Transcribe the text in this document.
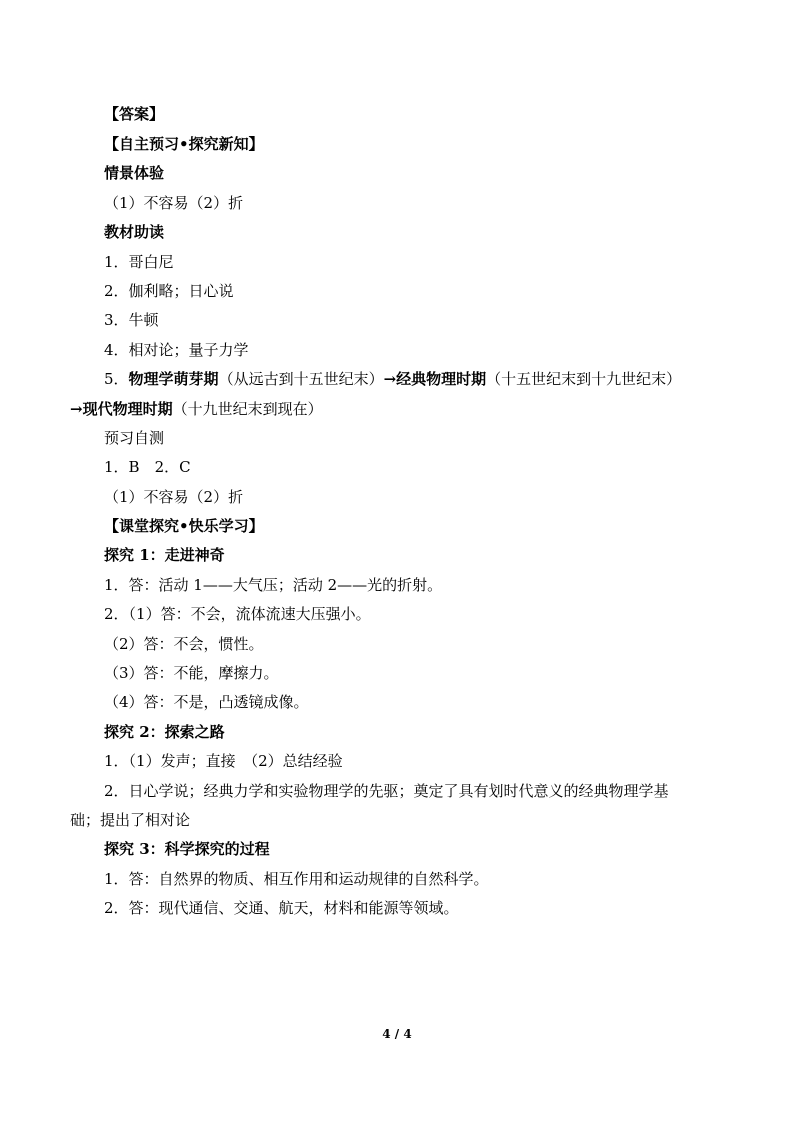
【答案】
【自主预习•探究新知】
情景体验
（1）不容易（2）折
教材助读
1．哥白尼
2．伽利略；日心说
3．牛顿
4．相对论；量子力学
5．物理学萌芽期（从远古到十五世纪末）→经典物理时期（十五世纪末到十九世纪末）
→现代物理时期（十九世纪末到现在）
预习自测
1．B　2．C
（1）不容易（2）折
【课堂探究•快乐学习】
探究 1：走进神奇
1．答：活动 1——大气压；活动 2——光的折射。
2．（1）答：不会，流体流速大压强小。
（2）答：不会，惯性。
（3）答：不能，摩擦力。
（4）答：不是，凸透镜成像。
探究 2：探索之路
1．（1）发声；直接　（2）总结经验
2．日心学说；经典力学和实验物理学的先驱；奠定了具有划时代意义的经典物理学基
础；提出了相对论
探究 3：科学探究的过程
1．答：自然界的物质、相互作用和运动规律的自然科学。
2．答：现代通信、交通、航天，材料和能源等领域。
4 / 4
